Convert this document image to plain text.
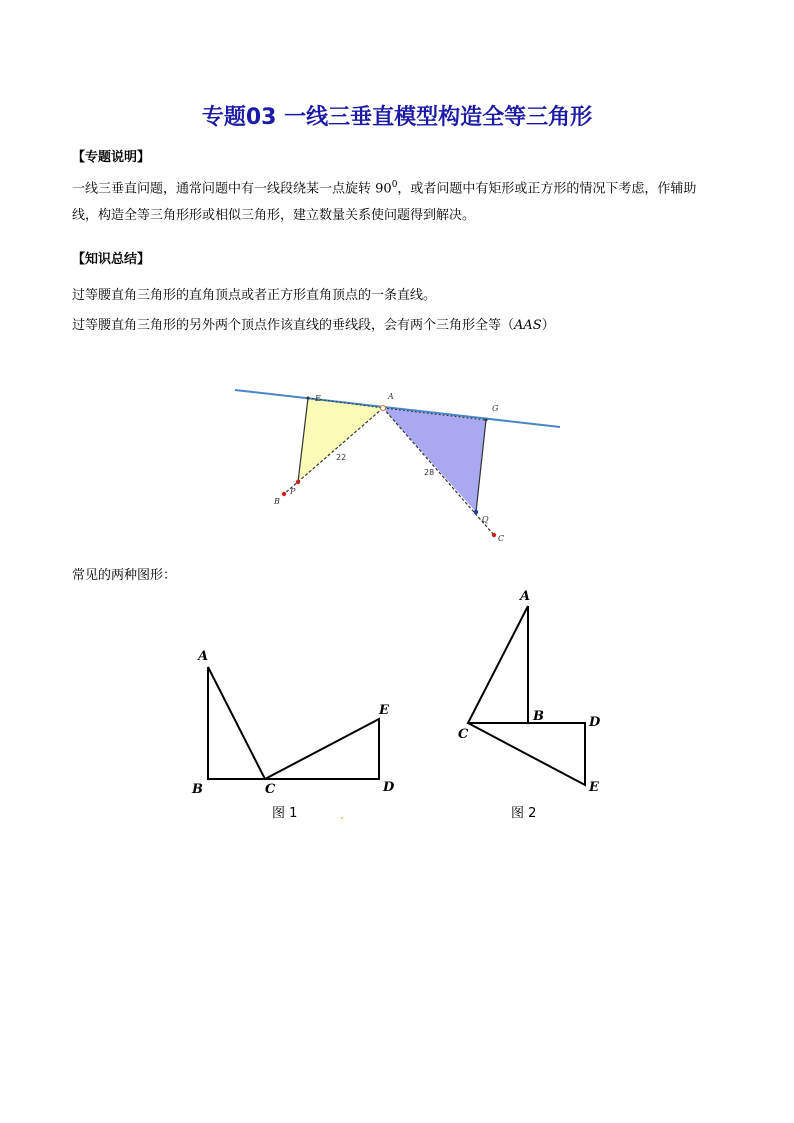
专题03 一线三垂直模型构造全等三角形
【专题说明】
一线三垂直问题，通常问题中有一线段绕某一点旋转 $90^0$，或者问题中有矩形或正方形的情况下考虑，作辅助线，构造全等三角形形或相似三角形，建立数量关系使问题得到解决。
【知识总结】
过等腰直角三角形的直角顶点或者正方形直角顶点的一条直线。
过等腰直角三角形的另外两个顶点作该直线的垂线段，会有两个三角形全等（AAS）
E	A
G
P
B
Q
C
22
28
常见的两种图形：
A
B	C	D
E
图 1
A
B
C
D
E
图 2
